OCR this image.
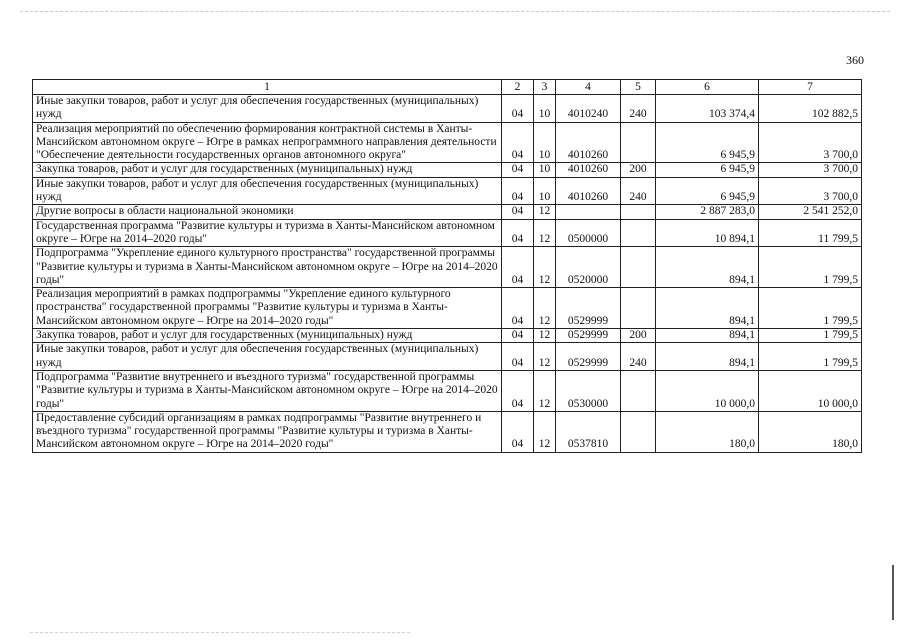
360
1	2	3	4	5	6	7
Иные закупки товаров, работ и услуг для обеспечения государственных (муниципальных) нужд	04	10	4010240	240	103 374,4	102 882,5
Реализация мероприятий по обеспечению формирования контрактной системы в Ханты-Мансийском автономном округе – Югре в рамках непрограммного направления деятельности "Обеспечение деятельности государственных органов автономного округа"	04	10	4010260		6 945,9	3 700,0
Закупка товаров, работ и услуг для государственных (муниципальных) нужд	04	10	4010260	200	6 945,9	3 700,0
Иные закупки товаров, работ и услуг для обеспечения государственных (муниципальных) нужд	04	10	4010260	240	6 945,9	3 700,0
Другие вопросы в области национальной экономики	04	12			2 887 283,0	2 541 252,0
Государственная программа "Развитие культуры и туризма в Ханты-Мансийском автономном округе – Югре на 2014–2020 годы"	04	12	0500000		10 894,1	11 799,5
Подпрограмма "Укрепление единого культурного пространства" государственной программы "Развитие культуры и туризма в Ханты-Мансийском автономном округе – Югре на 2014–2020 годы"	04	12	0520000		894,1	1 799,5
Реализация мероприятий в рамках подпрограммы "Укрепление единого культурного пространства" государственной программы "Развитие культуры и туризма в Ханты-Мансийском автономном округе – Югре на 2014–2020 годы"	04	12	0529999		894,1	1 799,5
Закупка товаров, работ и услуг для государственных (муниципальных) нужд	04	12	0529999	200	894,1	1 799,5
Иные закупки товаров, работ и услуг для обеспечения государственных (муниципальных) нужд	04	12	0529999	240	894,1	1 799,5
Подпрограмма "Развитие внутреннего и въездного туризма" государственной программы "Развитие культуры и туризма в Ханты-Мансийском автономном округе – Югре на 2014–2020 годы"	04	12	0530000		10 000,0	10 000,0
Предоставление субсидий организациям в рамках подпрограммы "Развитие внутреннего и въездного туризма" государственной программы "Развитие культуры и туризма в Ханты-Мансийском автономном округе – Югре на 2014–2020 годы"	04	12	0537810		180,0	180,0
